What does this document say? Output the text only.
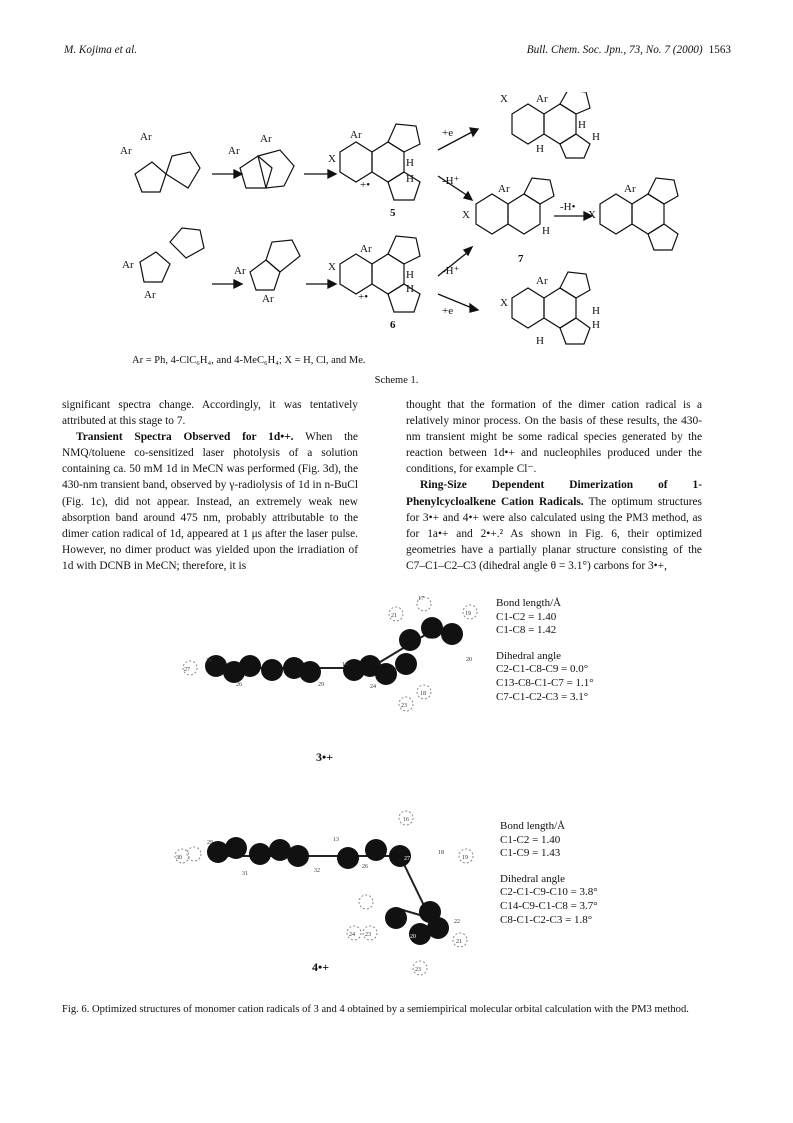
M. Kojima et al.	Bull. Chem. Soc. Jpn., 73, No. 7 (2000) 1563
Ar
Ar
Ar
Ar	Ar
X	H
H
+•
5
+e
-H⁺
X	Ar
H
H
H
X
Ar
H
7
-H•
X
Ar
Ar
Ar
Ar
Ar
Ar
X
H
H
+•
6
-H⁺
+e
X
Ar
H
H
H
Ar = Ph, 4-ClC₆H₄, and 4-MeC₆H₄; X = H, Cl, and Me.
Scheme 1.

significant spectra change. Accordingly, it was tentatively attributed at this stage to 7.

Transient Spectra Observed for 1d•+. When the NMQ/toluene co-sensitized laser photolysis of a solution containing ca. 50 mM 1d in MeCN was performed (Fig. 3d), the 430-nm transient band, observed by γ-radiolysis of 1d in n-BuCl (Fig. 1c), did not appear. Instead, an extremely weak new absorption band around 475 nm, probably attributable to the dimer cation radical of 1d, appeared at 1 μs after the laser pulse. However, no dimer product was yielded upon the irradiation of 1d with DCNB in MeCN; therefore, it is

thought that the formation of the dimer cation radical is a relatively minor process. On the basis of these results, the 430-nm transient might be some radical species generated by the reaction between 1d•+ and nucleophiles produced under the conditions, for example Cl⁻.

Ring-Size Dependent Dimerization of 1-Phenylcycloalkene Cation Radicals. The optimum structures for 3•+ and 4•+ were also calculated using the PM3 method, as for 1a•+ and 2•+.² As shown in Fig. 6, their optimized geometries have a partially planar structure consisting of the C7–C1–C2–C3 (dihedral angle θ = 3.1°) carbons for 3•+,

17
21	19
22
20
27
26
28
29
14
24
18
23
3•+
Bond length/Å
C1-C2 = 1.40
C1-C8 = 1.42
Dihedral angle
C2-C1-C8-C9 = 0.0°
C13-C8-C1-C7 = 1.1°
C7-C1-C2-C3 = 3.1°
16
29
30
31	32
13
27
26
18
19
22
21
20
24 23
23
4•+
Bond length/Å
C1-C2 = 1.40
C1-C9 = 1.43
Dihedral angle
C2-C1-C9-C10 = 3.8°
C14-C9-C1-C8 = 3.7°
C8-C1-C2-C3 = 1.8°
Fig. 6. Optimized structures of monomer cation radicals of 3 and 4 obtained by a semiempirical molecular orbital calculation with the PM3 method.
